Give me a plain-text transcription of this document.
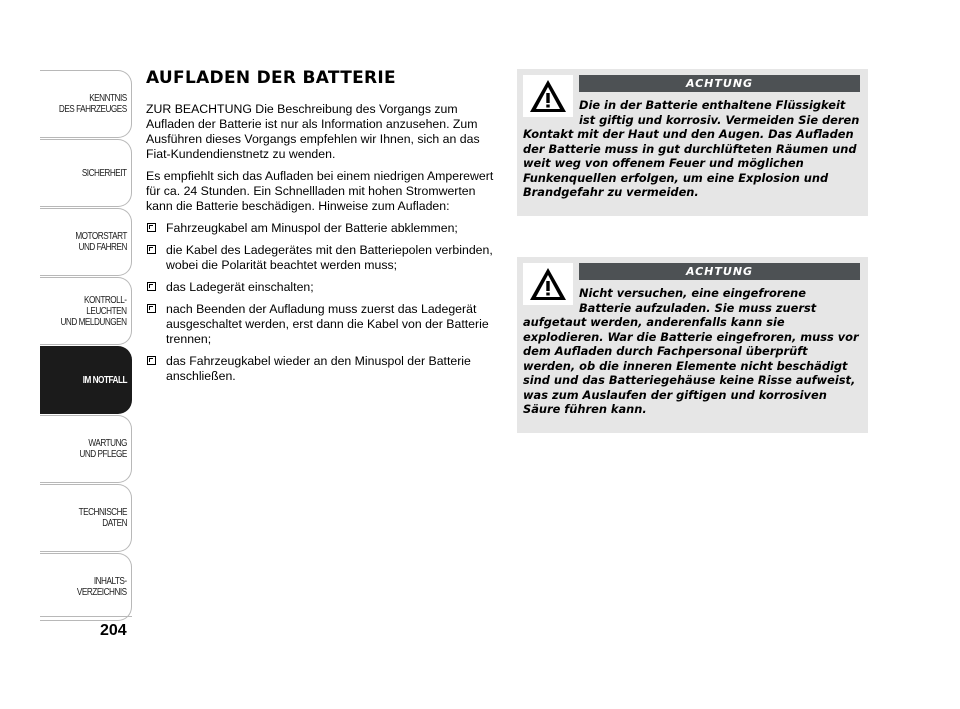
KENNTNIS
DES FAHRZEUGES
SICHERHEIT
MOTORSTART
UND FAHREN
KONTROLL-
LEUCHTEN
UND MELDUNGEN
IM NOTFALL
WARTUNG
UND PFLEGE
TECHNISCHE
DATEN
INHALTS-
VERZEICHNIS
204
AUFLADEN DER BATTERIE

ZUR BEACHTUNG Die Beschreibung des Vorgangs zum Aufladen der Batterie ist nur als Information anzusehen. Zum Ausführen dieses Vorgangs empfehlen wir Ihnen, sich an das Fiat-Kundendienstnetz zu wenden.

Es empfiehlt sich das Aufladen bei einem niedrigen Amperewert für ca. 24 Stunden. Ein Schnellladen mit hohen Stromwerten kann die Batterie beschädigen. Hinweise zum Aufladen:

Fahrzeugkabel am Minuspol der Batterie abklemmen;
die Kabel des Ladegerätes mit den Batteriepolen verbinden, wobei die Polarität beachtet werden muss;
das Ladegerät einschalten;
nach Beenden der Aufladung muss zuerst das Ladegerät ausgeschaltet werden, erst dann die Kabel von der Batterie trennen;
das Fahrzeugkabel wieder an den Minuspol der Batterie anschließen.
ACHTUNG

Die in der Batterie enthaltene Flüssigkeit ist giftig und korrosiv. Vermeiden Sie deren Kontakt mit der Haut und den Augen. Das Aufladen der Batterie muss in gut durchlüfteten Räumen und weit weg von offenem Feuer und möglichen Funkenquellen erfolgen, um eine Explosion und Brandgefahr zu vermeiden.

ACHTUNG

Nicht versuchen, eine eingefrorene Batterie aufzuladen. Sie muss zuerst aufgetaut werden, anderenfalls kann sie explodieren. War die Batterie eingefroren, muss vor dem Aufladen durch Fachpersonal überprüft werden, ob die inneren Elemente nicht beschädigt sind und das Batteriegehäuse keine Risse aufweist, was zum Auslaufen der giftigen und korrosiven Säure führen kann.
